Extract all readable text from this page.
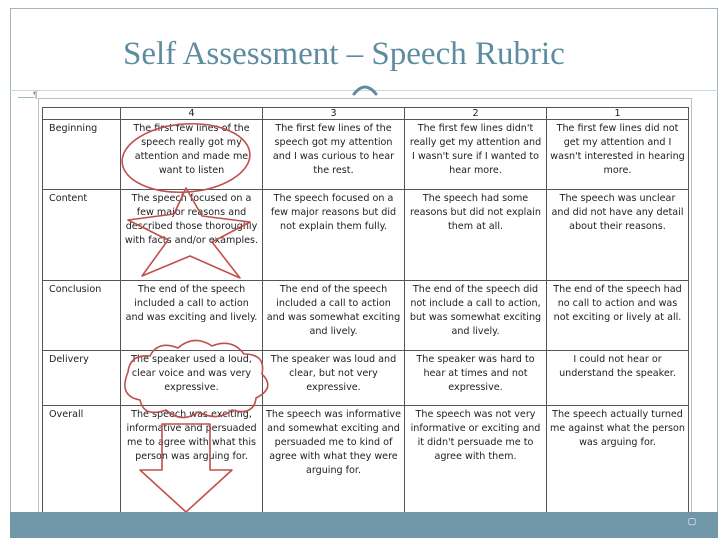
Self Assessment – Speech Rubric
¶
	4	3	2	1
Beginning	The first few lines of the speech really got my attention and made me want to listen	The first few lines of the speech got my attention and I was curious to hear the rest.	The first few lines didn't really get my attention and I wasn't sure if I wanted to hear more.	The first few lines did not get my attention and I wasn't interested in hearing more.
Content	The speech focused on a few major reasons and described those thoroughly with facts and/or examples.	The speech focused on a few major reasons but did not explain them fully.	The speech had some reasons but did not explain them at all.	The speech was unclear and did not have any detail about their reasons.
Conclusion	The end of the speech included a call to action and was exciting and lively.	The end of the speech included a call to action and was somewhat exciting and lively.	The end of the speech did not include a call to action, but was somewhat exciting and lively.	The end of the speech had no call to action and was not exciting or lively at all.
Delivery	The speaker used a loud, clear voice and was very expressive.	The speaker was loud and clear, but not very expressive.	The speaker was hard to hear at times and not expressive.	I could not hear or understand the speaker.
Overall	The speech was exciting, informative and persuaded me to agree with what this person was arguing for.	The speech was informative and somewhat exciting and persuaded me to kind of agree with what they were arguing for.	The speech was not very informative or exciting and it didn't persuade me to agree with them.	The speech actually turned me against what the person was arguing for.
▢
